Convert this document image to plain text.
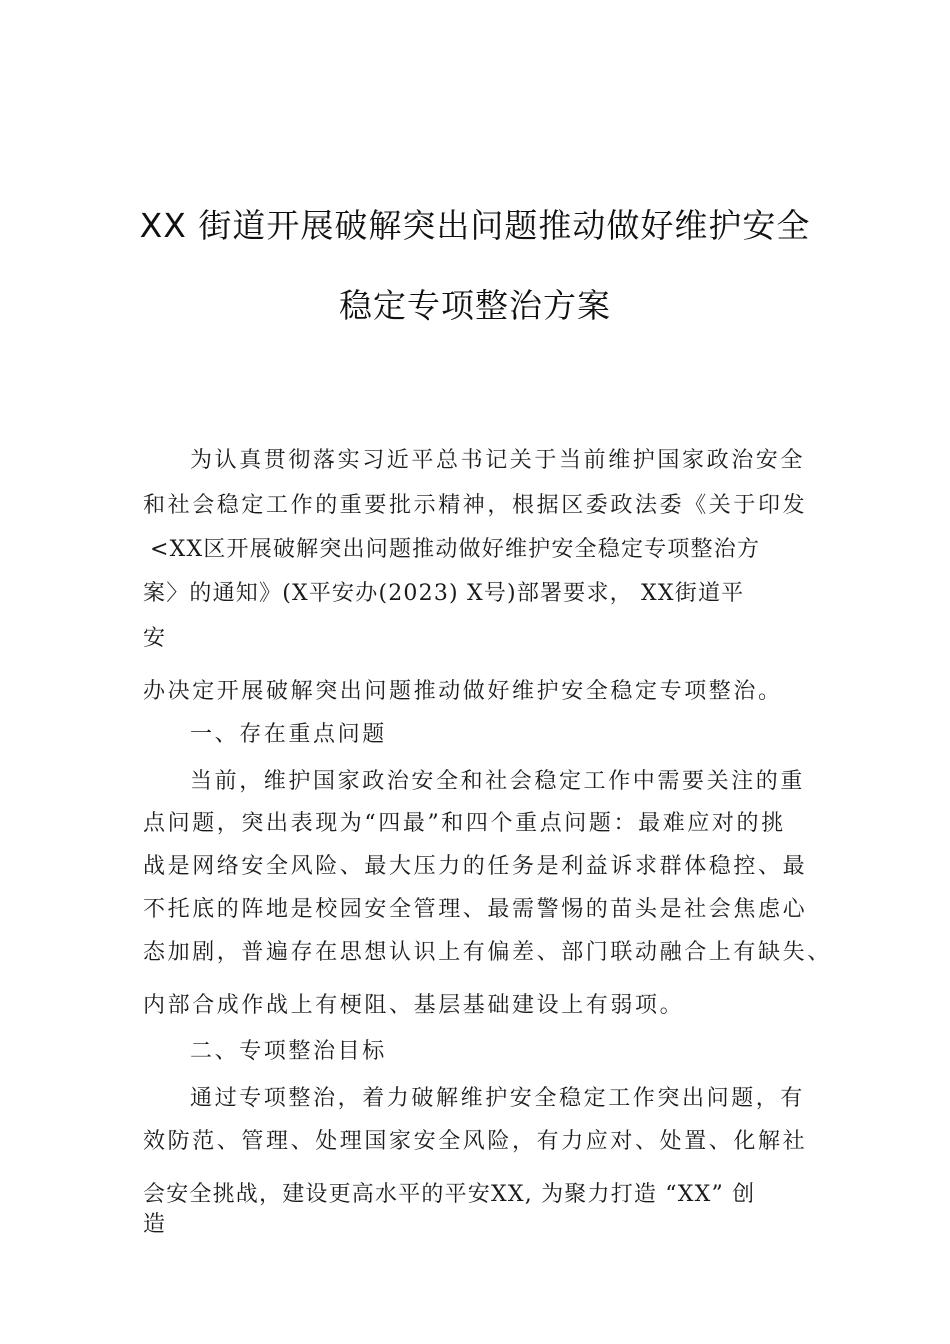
XX 街道开展破解突出问题推动做好维护安全
稳定专项整治方案
为认真贯彻落实习近平总书记关于当前维护国家政治安全
和社会稳定工作的重要批示精神，根据区委政法委《关于印发
<XX区开展破解突出问题推动做好维护安全稳定专项整治方
案〉的通知》(X平安办(2023) X号)部署要求， XX街道平
安
办决定开展破解突出问题推动做好维护安全稳定专项整治。
一、存在重点问题
当前，维护国家政治安全和社会稳定工作中需要关注的重
点问题，突出表现为“四最”和四个重点问题：最难应对的挑
战是网络安全风险、最大压力的任务是利益诉求群体稳控、最
不托底的阵地是校园安全管理、最需警惕的苗头是社会焦虑心
态加剧，普遍存在思想认识上有偏差、部门联动融合上有缺失、
内部合成作战上有梗阻、基层基础建设上有弱项。
二、专项整治目标
通过专项整治，着力破解维护安全稳定工作突出问题，有
效防范、管理、处理国家安全风险，有力应对、处置、化解社
会安全挑战，建设更高水平的平安XX, 为聚力打造 “XX” 创
造
